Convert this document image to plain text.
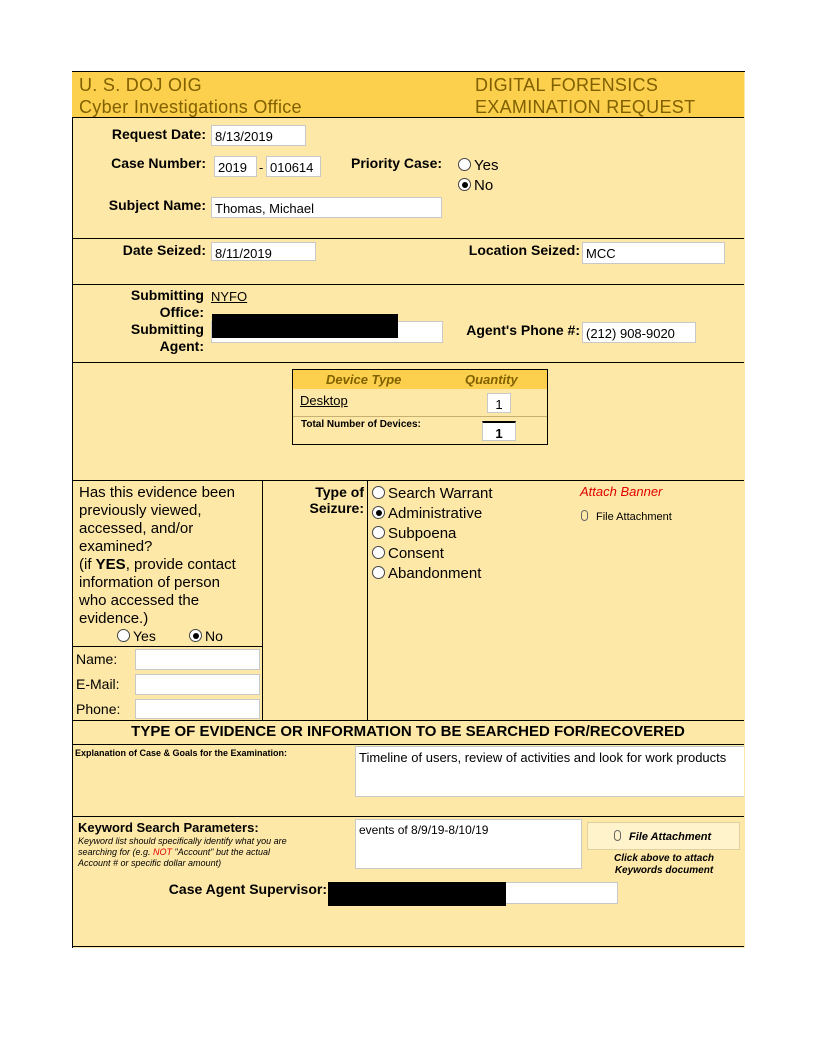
U. S. DOJ OIG
Cyber Investigations Office
DIGITAL FORENSICS
EXAMINATION REQUEST
Request Date: 8/13/2019
Case Number: 2019 - 010614	Priority Case:	Yes
No
Subject Name: Thomas, Michael
Date Seized: 8/11/2019	Location Seized: MCC
Submitting
Office:
NYFO
Submitting
Agent:
Agent's Phone #: (212) 908-9020
Device Type	Quantity
Desktop	1
Total Number of Devices:
1
Has this evidence been
previously viewed,
accessed, and/or
examined?
(if YES, provide contact
information of person
who accessed the
evidence.)
Yes	No
Name:
E-Mail:
Phone:
Type of
Seizure:
Search Warrant
Administrative
Subpoena
Consent
Abandonment
Attach Banner
File Attachment
TYPE OF EVIDENCE OR INFORMATION TO BE SEARCHED FOR/RECOVERED
Explanation of Case & Goals for the Examination:	Timeline of users, review of activities and look for work products
Keyword Search Parameters:
Keyword list should specifically identify what you are
searching for (e.g. NOT "Account" but the actual
Account # or specific dollar amount)
events of 8/9/19-8/10/19	File Attachment
Click above to attach
Keywords document
Case Agent Supervisor:
